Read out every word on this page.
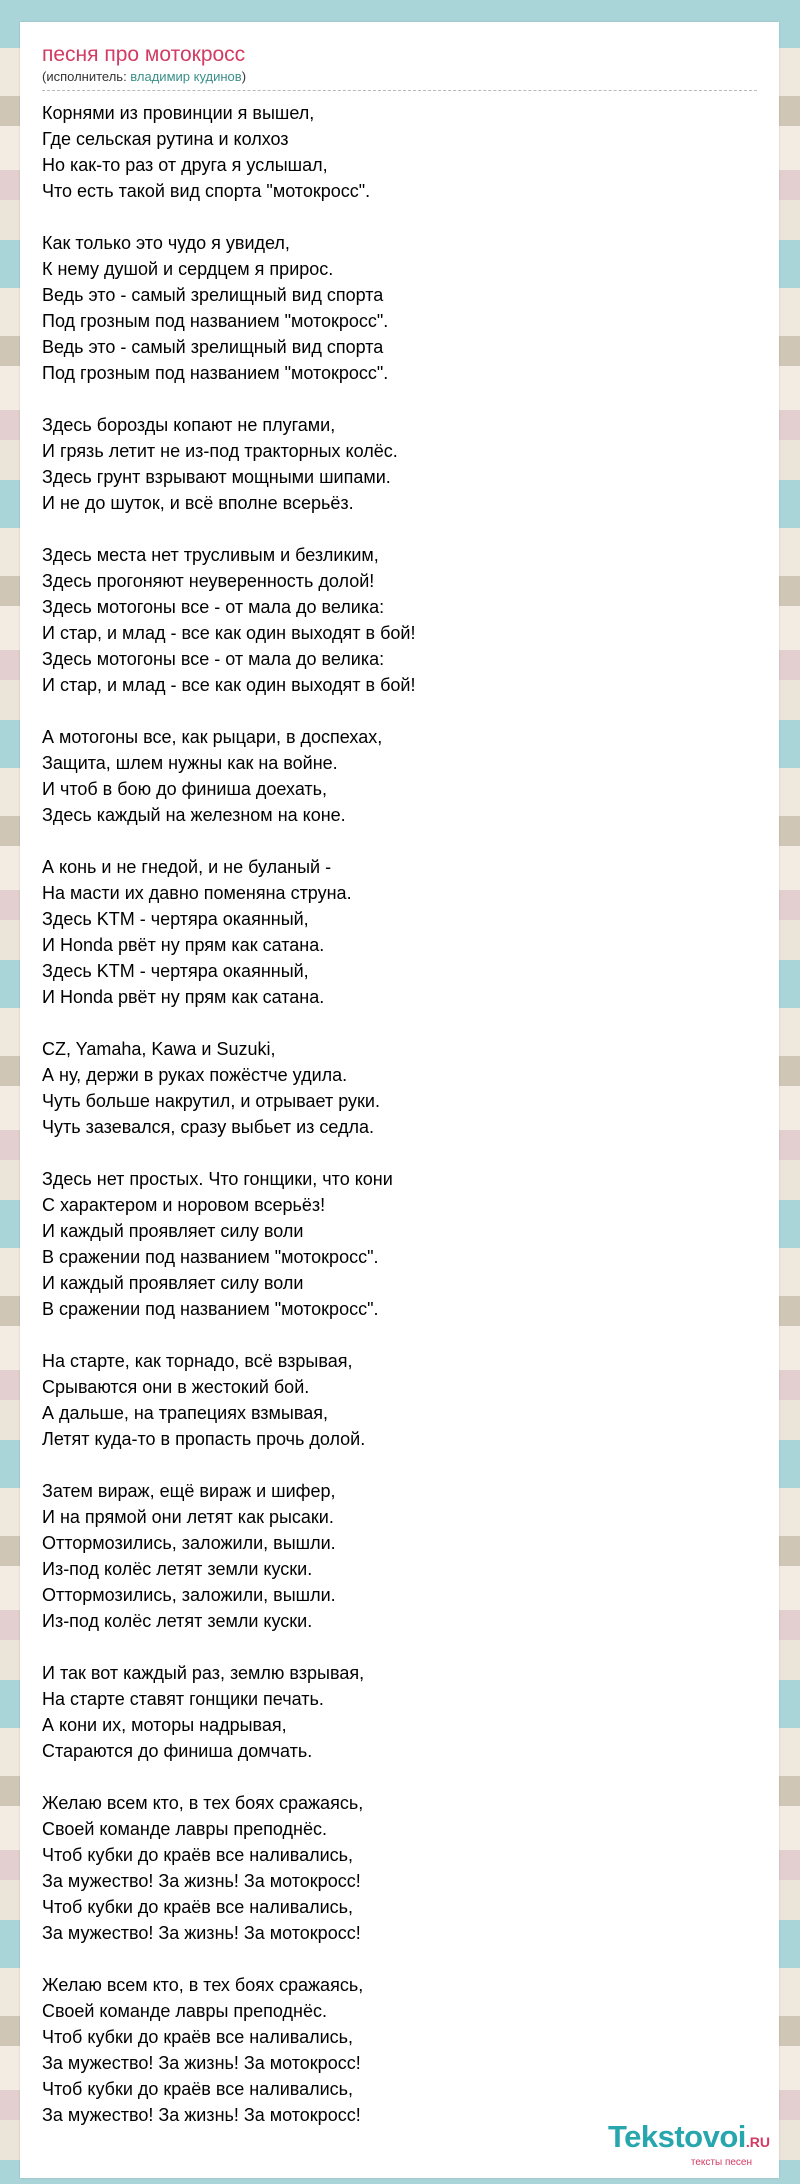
песня про мотокросс
(исполнитель: владимир кудинов)
Корнями из провинции я вышел,
Где сельская рутина и колхоз
Но как-то раз от друга я услышал,
Что есть такой вид спорта "мотокросс".
Как только это чудо я увидел,
К нему душой и сердцем я прирос.
Ведь это - самый зрелищный вид спорта
Под грозным под названием "мотокросс".
Ведь это - самый зрелищный вид спорта
Под грозным под названием "мотокросс".
Здесь борозды копают не плугами,
И грязь летит не из-под тракторных колёс.
Здесь грунт взрывают мощными шипами.
И не до шуток, и всё вполне всерьёз.
Здесь места нет трусливым и безликим,
Здесь прогоняют неуверенность долой!
Здесь мотогоны все - от мала до велика:
И стар, и млад - все как один выходят в бой!
Здесь мотогоны все - от мала до велика:
И стар, и млад - все как один выходят в бой!
А мотогоны все, как рыцари, в доспехах,
Защита, шлем нужны как на войне.
И чтоб в бою до финиша доехать,
Здесь каждый на железном на коне.
А конь и не гнедой, и не буланый -
На масти их давно поменяна струна.
Здесь KTM - чертяра окаянный,
И Honda рвёт ну прям как сатана.
Здесь KTM - чертяра окаянный,
И Honda рвёт ну прям как сатана.
CZ, Yamaha, Kawa и Suzuki,
А ну, держи в руках пожёстче удила.
Чуть больше накрутил, и отрывает руки.
Чуть зазевался, сразу выбьет из седла.
Здесь нет простых. Что гонщики, что кони
С характером и норовом всерьёз!
И каждый проявляет силу воли
В сражении под названием "мотокросс".
И каждый проявляет силу воли
В сражении под названием "мотокросс".
На старте, как торнадо, всё взрывая,
Срываются они в жестокий бой.
А дальше, на трапециях взмывая,
Летят куда-то в пропасть прочь долой.
Затем вираж, ещё вираж и шифер,
И на прямой они летят как рысаки.
Оттормозились, заложили, вышли.
Из-под колёс летят земли куски.
Оттормозились, заложили, вышли.
Из-под колёс летят земли куски.
И так вот каждый раз, землю взрывая,
На старте ставят гонщики печать.
А кони их, моторы надрывая,
Стараются до финиша домчать.
Желаю всем кто, в тех боях сражаясь,
Своей команде лавры преподнёс.
Чтоб кубки до краёв все наливались,
За мужество! За жизнь! За мотокросс!
Чтоб кубки до краёв все наливались,
За мужество! За жизнь! За мотокросс!
Желаю всем кто, в тех боях сражаясь,
Своей команде лавры преподнёс.
Чтоб кубки до краёв все наливались,
За мужество! За жизнь! За мотокросс!
Чтоб кубки до краёв все наливались,
За мужество! За жизнь! За мотокросс!
Tekstovoi.RU
тексты песен
